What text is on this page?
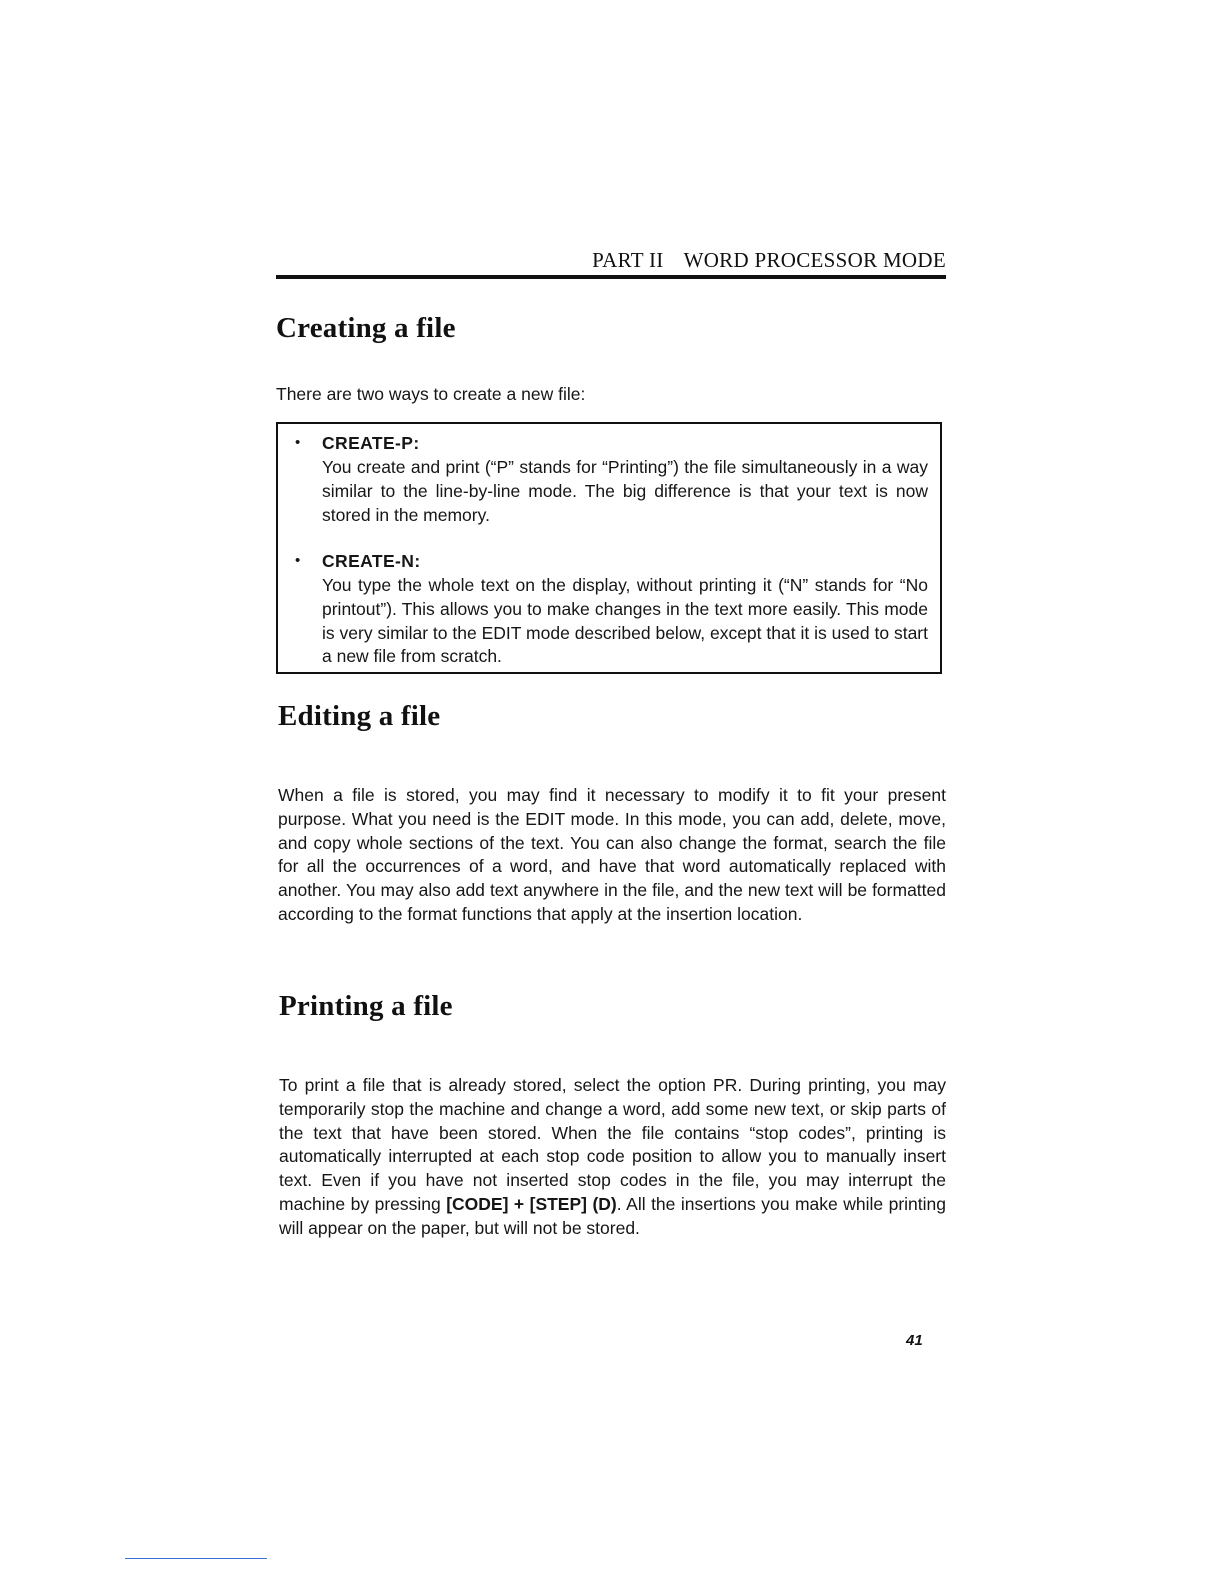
PART II WORD PROCESSOR MODE
Creating a file

There are two ways to create a new file:

• CREATE-P:
You create and print (“P” stands for “Printing”) the file simultaneously in a way similar to the line-by-line mode. The big difference is that your text is now stored in the memory.
• CREATE-N:
You type the whole text on the display, without printing it (“N” stands for “No printout”). This allows you to make changes in the text more easily. This mode is very similar to the EDIT mode described below, except that it is used to start a new file from scratch.
Editing a file

When a file is stored, you may find it necessary to modify it to fit your present purpose. What you need is the EDIT mode. In this mode, you can add, delete, move, and copy whole sections of the text. You can also change the format, search the file for all the occurrences of a word, and have that word automatically replaced with another. You may also add text anywhere in the file, and the new text will be formatted according to the format functions that apply at the insertion location.

Printing a file

To print a file that is already stored, select the option PR. During printing, you may temporarily stop the machine and change a word, add some new text, or skip parts of the text that have been stored. When the file contains “stop codes”, printing is automatically interrupted at each stop code position to allow you to manually insert text. Even if you have not inserted stop codes in the file, you may interrupt the machine by pressing [CODE] + [STEP] (D). All the insertions you make while printing will appear on the paper, but will not be stored.

41
